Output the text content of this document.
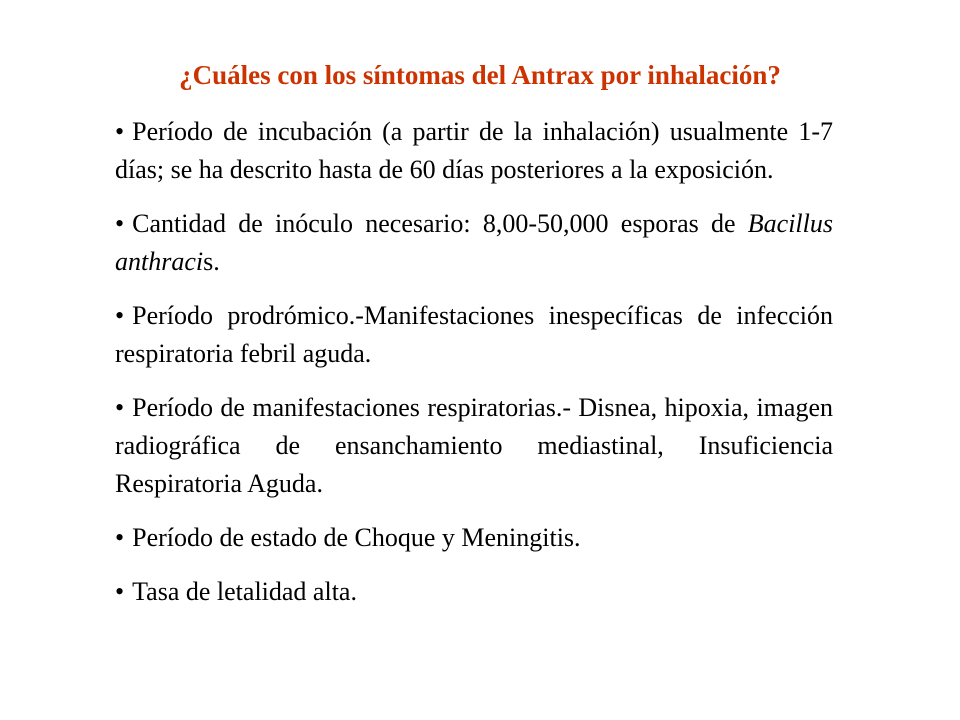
¿Cuáles con los síntomas del Antrax por inhalación?
• Período de incubación (a partir de la inhalación) usualmente 1-7 días; se ha descrito hasta de 60 días posteriores a la exposición.
• Cantidad de inóculo necesario: 8,00-50,000 esporas de Bacillus anthracis.
• Período prodrómico.-Manifestaciones inespecíficas de infección respiratoria febril aguda.
• Período de manifestaciones respiratorias.- Disnea, hipoxia, imagen radiográfica de ensanchamiento mediastinal, Insuficiencia Respiratoria Aguda.
• Período de estado de Choque y Meningitis.
• Tasa de letalidad alta.
